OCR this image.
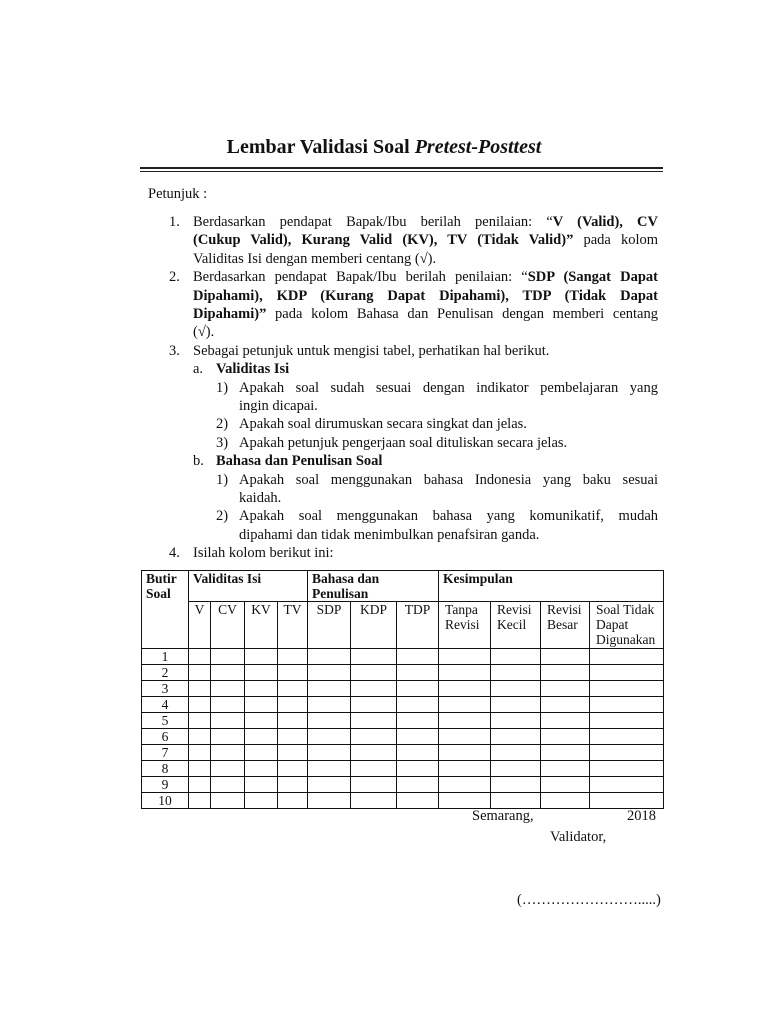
Lembar Validasi Soal Pretest-Posttest
Petunjuk :
1. Berdasarkan pendapat Bapak/Ibu berilah penilaian: “V (Valid), CV
(Cukup Valid), Kurang Valid (KV), TV (Tidak Valid)” pada kolom
Validitas Isi dengan memberi centang (√).
2. Berdasarkan pendapat Bapak/Ibu berilah penilaian: “SDP (Sangat Dapat
Dipahami), KDP (Kurang Dapat Dipahami), TDP (Tidak Dapat
Dipahami)” pada kolom Bahasa dan Penulisan dengan memberi centang
(√).
3. Sebagai petunjuk untuk mengisi tabel, perhatikan hal berikut.
a. Validitas Isi
1) Apakah soal sudah sesuai dengan indikator pembelajaran yang
ingin dicapai.
2) Apakah soal dirumuskan secara singkat dan jelas.
3) Apakah petunjuk pengerjaan soal dituliskan secara jelas.
b. Bahasa dan Penulisan Soal
1) Apakah soal menggunakan bahasa Indonesia yang baku sesuai
kaidah.
2) Apakah soal menggunakan bahasa yang komunikatif, mudah
dipahami dan tidak menimbulkan penafsiran ganda.
4. Isilah kolom berikut ini:
Butir Soal	Validitas Isi				Bahasa dan Penulisan			Kesimpulan			
	V	CV	KV	TV	SDP	KDP	TDP	Tanpa Revisi	Revisi Kecil	Revisi Besar	Soal Tidak Dapat Digunakan
1											
2											
3											
4											
5											
6											
7											
8											
9											
10											
Semarang,	2018
Validator,
(…………………….....)
